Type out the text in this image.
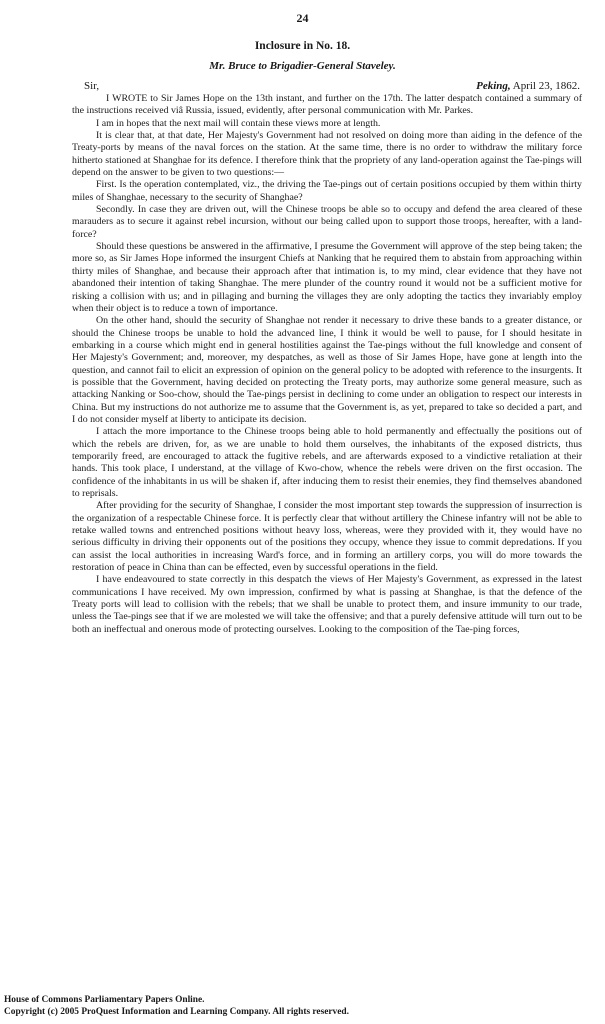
24
Inclosure in No. 18.
Mr. Bruce to Brigadier-General Staveley.
Sir,	Peking, April 23, 1862.

I WROTE to Sir James Hope on the 13th instant, and further on the 17th. The latter despatch contained a summary of the instructions received viâ Russia, issued, evidently, after personal communication with Mr. Parkes.

I am in hopes that the next mail will contain these views more at length.

It is clear that, at that date, Her Majesty's Government had not resolved on doing more than aiding in the defence of the Treaty-ports by means of the naval forces on the station. At the same time, there is no order to withdraw the military force hitherto stationed at Shanghae for its defence. I therefore think that the propriety of any land-operation against the Tae-pings will depend on the answer to be given to two questions:—

First. Is the operation contemplated, viz., the driving the Tae-pings out of certain positions occupied by them within thirty miles of Shanghae, necessary to the security of Shanghae?

Secondly. In case they are driven out, will the Chinese troops be able so to occupy and defend the area cleared of these marauders as to secure it against rebel incursion, without our being called upon to support those troops, hereafter, with a land-force?

Should these questions be answered in the affirmative, I presume the Government will approve of the step being taken; the more so, as Sir James Hope informed the insurgent Chiefs at Nanking that he required them to abstain from approaching within thirty miles of Shanghae, and because their approach after that intimation is, to my mind, clear evidence that they have not abandoned their intention of taking Shanghae. The mere plunder of the country round it would not be a sufficient motive for risking a collision with us; and in pillaging and burning the villages they are only adopting the tactics they invariably employ when their object is to reduce a town of importance.

On the other hand, should the security of Shanghae not render it necessary to drive these bands to a greater distance, or should the Chinese troops be unable to hold the advanced line, I think it would be well to pause, for I should hesitate in embarking in a course which might end in general hostilities against the Tae-pings without the full knowledge and consent of Her Majesty's Government; and, moreover, my despatches, as well as those of Sir James Hope, have gone at length into the question, and cannot fail to elicit an expression of opinion on the general policy to be adopted with reference to the insurgents. It is possible that the Government, having decided on protecting the Treaty ports, may authorize some general measure, such as attacking Nanking or Soo-chow, should the Tae-pings persist in declining to come under an obligation to respect our interests in China. But my instructions do not authorize me to assume that the Government is, as yet, prepared to take so decided a part, and I do not consider myself at liberty to anticipate its decision.

I attach the more importance to the Chinese troops being able to hold permanently and effectually the positions out of which the rebels are driven, for, as we are unable to hold them ourselves, the inhabitants of the exposed districts, thus temporarily freed, are encouraged to attack the fugitive rebels, and are afterwards exposed to a vindictive retaliation at their hands. This took place, I understand, at the village of Kwo-chow, whence the rebels were driven on the first occasion. The confidence of the inhabitants in us will be shaken if, after inducing them to resist their enemies, they find themselves abandoned to reprisals.

After providing for the security of Shanghae, I consider the most important step towards the suppression of insurrection is the organization of a respectable Chinese force. It is perfectly clear that without artillery the Chinese infantry will not be able to retake walled towns and entrenched positions without heavy loss, whereas, were they provided with it, they would have no serious difficulty in driving their opponents out of the positions they occupy, whence they issue to commit depredations. If you can assist the local authorities in increasing Ward's force, and in forming an artillery corps, you will do more towards the restoration of peace in China than can be effected, even by successful operations in the field.

I have endeavoured to state correctly in this despatch the views of Her Majesty's Government, as expressed in the latest communications I have received. My own impression, confirmed by what is passing at Shanghae, is that the defence of the Treaty ports will lead to collision with the rebels; that we shall be unable to protect them, and insure immunity to our trade, unless the Tae-pings see that if we are molested we will take the offensive; and that a purely defensive attitude will turn out to be both an ineffectual and onerous mode of protecting ourselves. Looking to the composition of the Tae-ping forces,

House of Commons Parliamentary Papers Online.
Copyright (c) 2005 ProQuest Information and Learning Company. All rights reserved.
